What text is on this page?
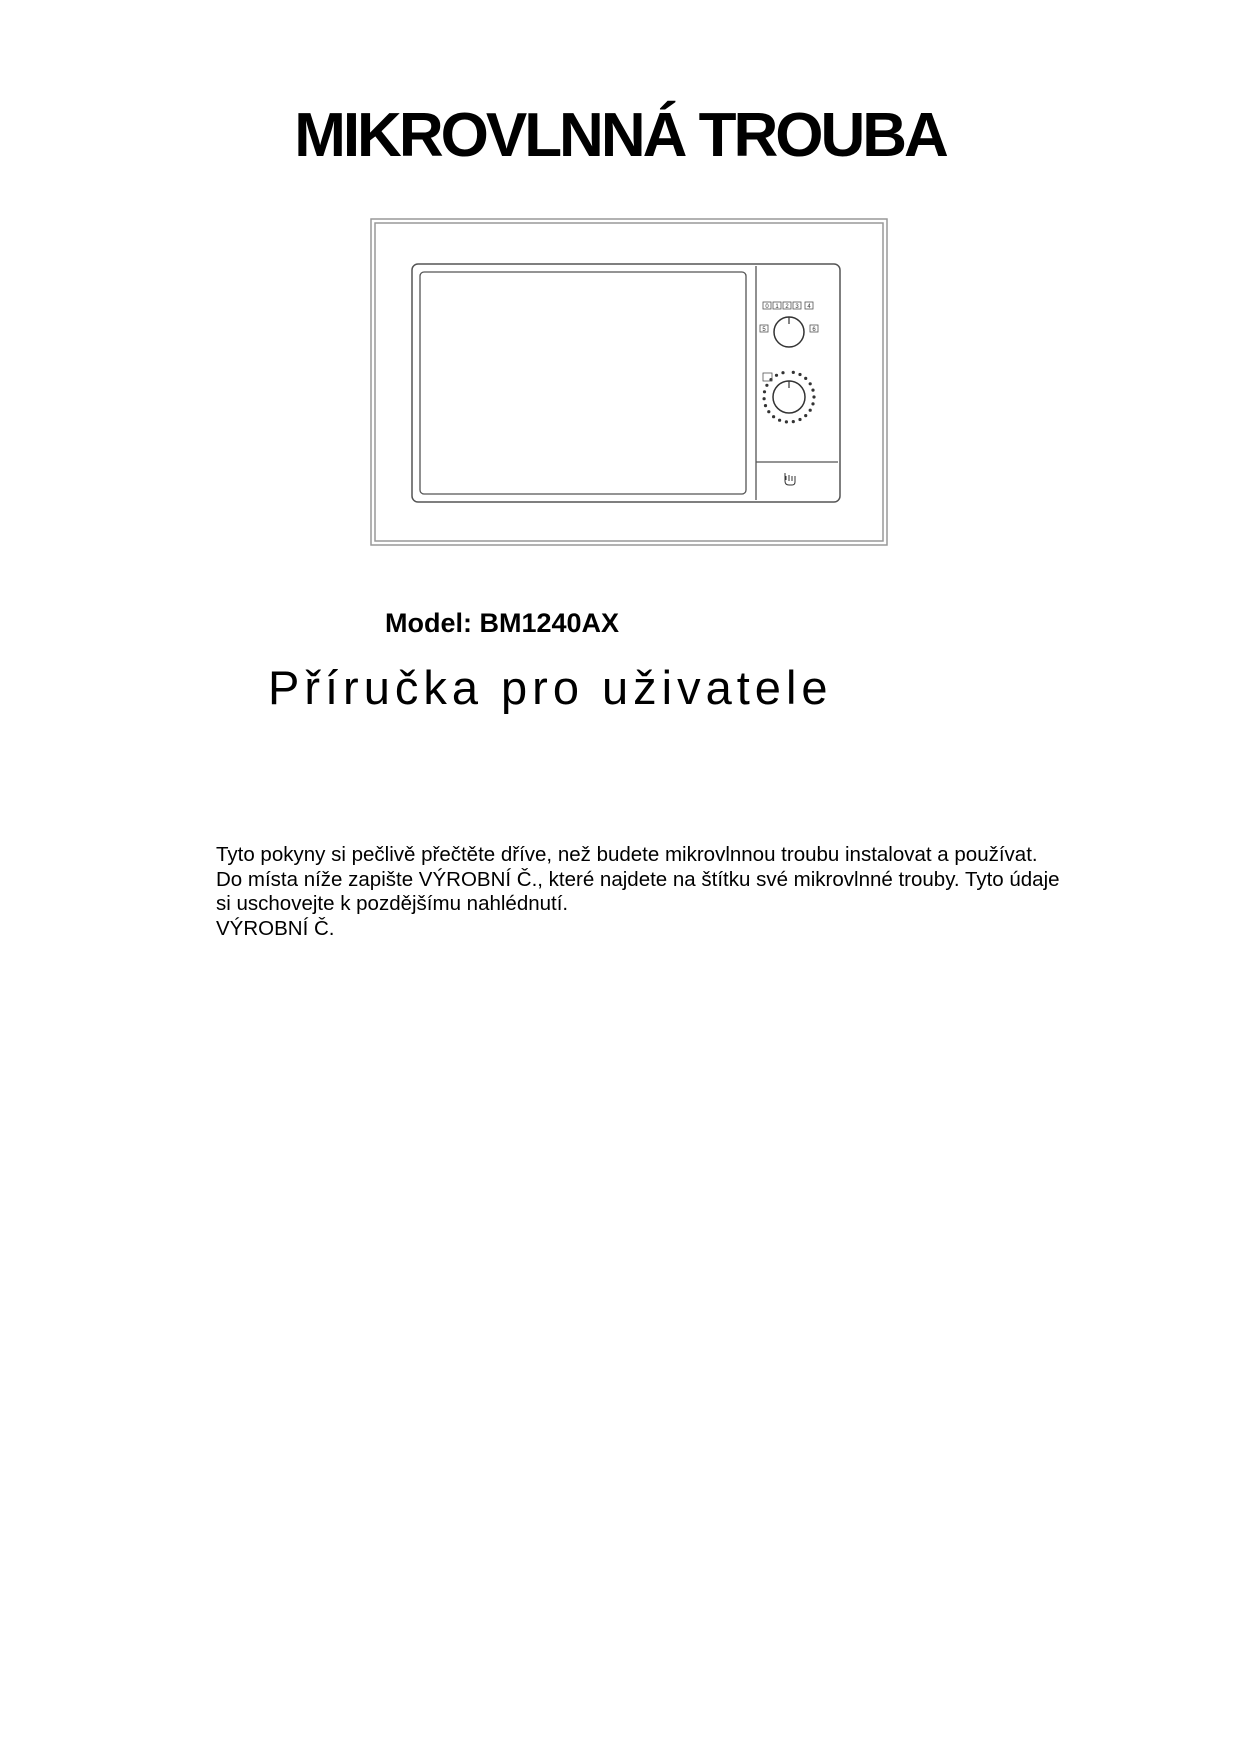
MIKROVLNNÁ TROUBA
0 1 2 3 4
5	6

Model: BM1240AX

Příručka pro uživatele

Tyto pokyny si pečlivě přečtěte dříve, než budete mikrovlnnou troubu instalovat a používat.

Do místa níže zapište VÝROBNÍ Č., které najdete na štítku své mikrovlnné trouby. Tyto údaje si uschovejte k pozdějšímu nahlédnutí.

VÝROBNÍ Č.
